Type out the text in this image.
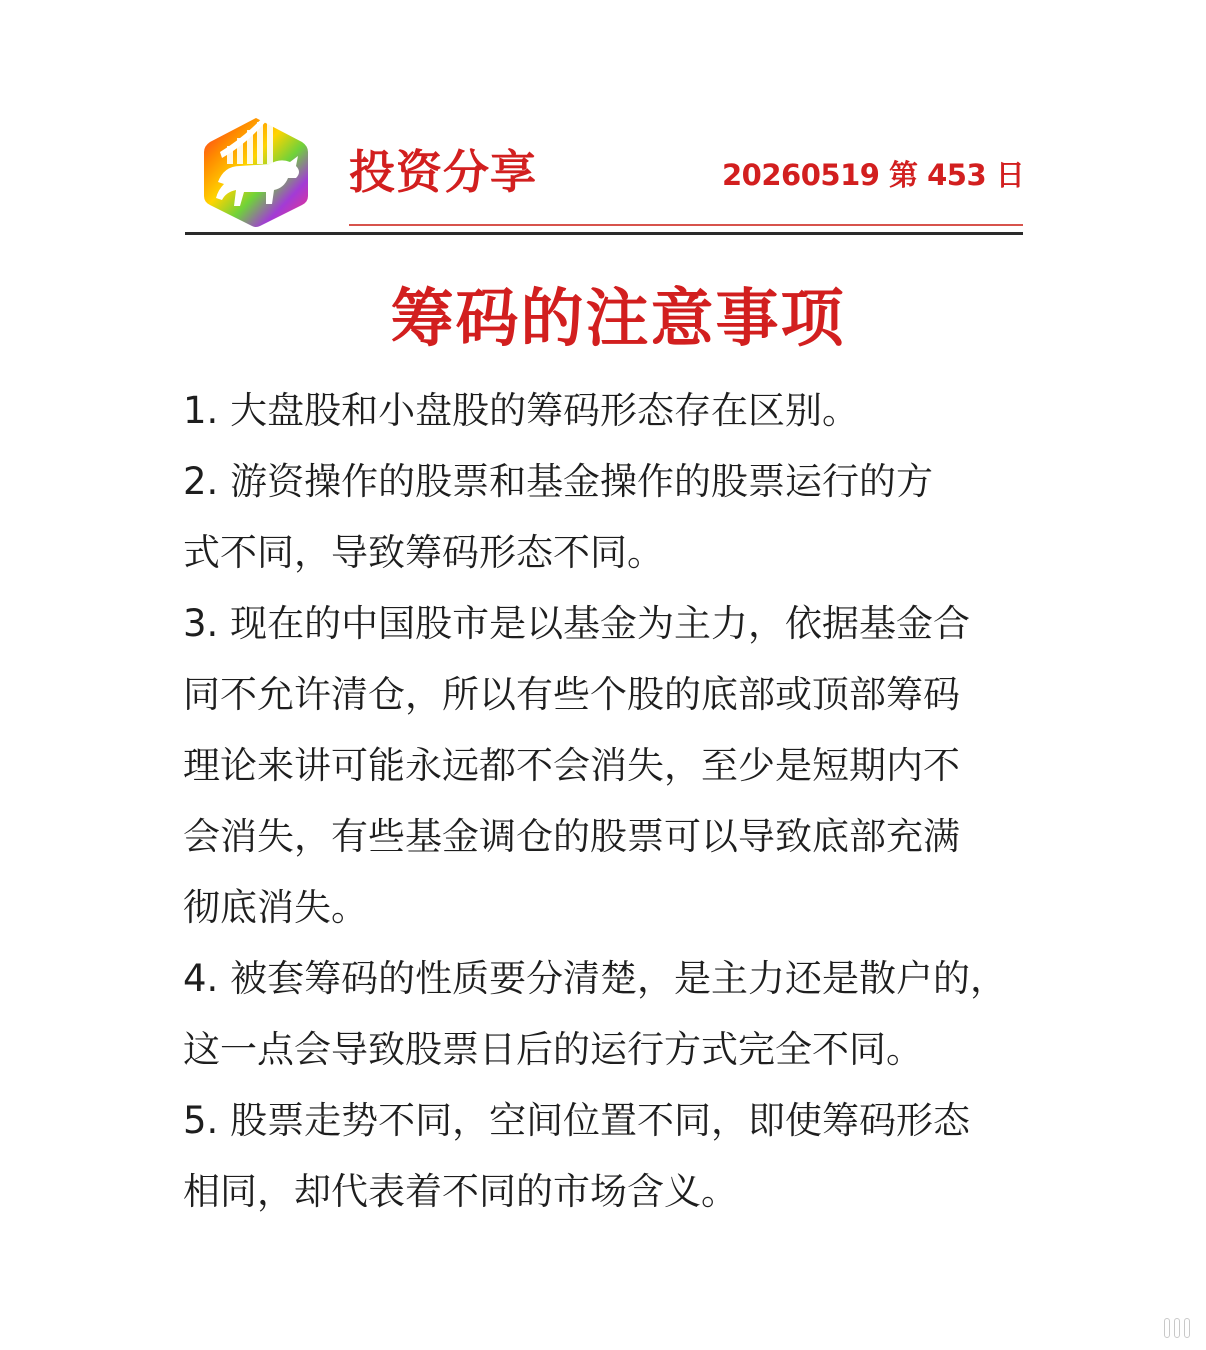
投资分享	20260519 第 453 日
筹码的注意事项
1. 大盘股和小盘股的筹码形态存在区别。
2. 游资操作的股票和基金操作的股票运行的方
式不同，导致筹码形态不同。
3. 现在的中国股市是以基金为主力，依据基金合
同不允许清仓，所以有些个股的底部或顶部筹码
理论来讲可能永远都不会消失，至少是短期内不
会消失，有些基金调仓的股票可以导致底部充满
彻底消失。
4. 被套筹码的性质要分清楚，是主力还是散户的，
这一点会导致股票日后的运行方式完全不同。
5. 股票走势不同，空间位置不同，即使筹码形态
相同，却代表着不同的市场含义。
